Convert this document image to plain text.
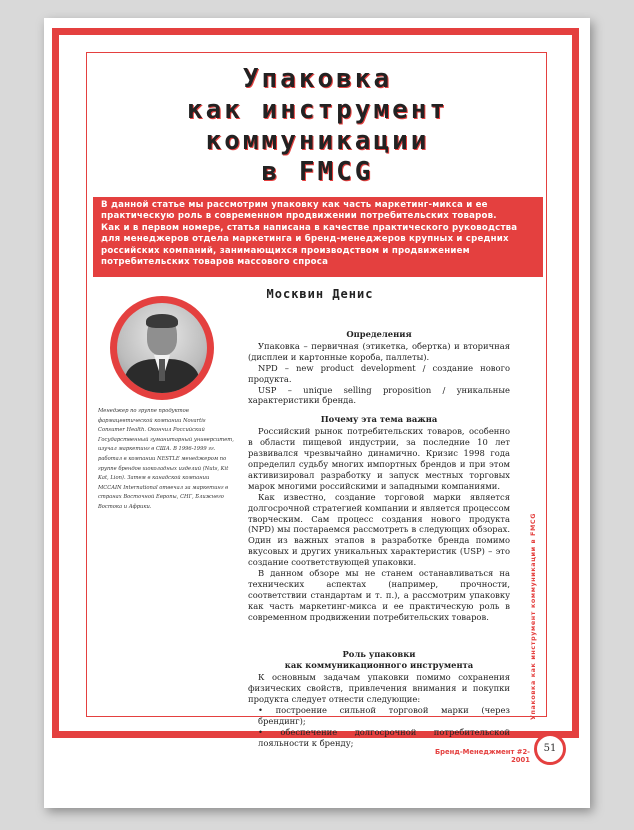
Упаковка
как инструмент
коммуникации
в FMCG

В данной статье мы рассмотрим упаковку как часть маркетинг-микса и ее практическую роль в современном продвижении потребительских товаров.

Как и в первом номере, статья написана в качестве практического руководства для менеджеров отдела маркетинга и бренд-менеджеров крупных и средних российских компаний, занимающихся производством и продвижением потребительских товаров массового спроса

Москвин Денис

Менеджер по группе продуктов фармацевтической компании Novartis Consumer Health. Окончил Российский Государственный гуманитарный университет, изучал маркетинг в США. В 1996-1999 гг. работал в компании NESTLE менеджером по группе брендов шоколадных изделий (Nuts, Kit Kat, Lion). Затем в канадской компании MCCAIN International отвечал за маркетинг в странах Восточной Европы, СНГ, Ближнего Востока и Африки.

Определения

Упаковка – первичная (этикетка, обертка) и вторичная (дисплеи и картонные короба, паллеты).

NPD – new product development / создание нового продукта.

USP – unique selling proposition / уникальные характеристики бренда.

Почему эта тема важна

Российский рынок потребительских товаров, особенно в области пищевой индустрии, за последние 10 лет развивался чрезвычайно динамично. Кризис 1998 года определил судьбу многих импортных брендов и при этом активизировал разработку и запуск местных торговых марок многими российскими и западными компаниями.

Как известно, создание торговой марки является долгосрочной стратегией компании и является процессом творческим. Сам процесс создания нового продукта (NPD) мы постараемся рассмотреть в следующих обзорах. Один из важных этапов в разработке бренда помимо вкусовых и других уникальных характеристик (USP) – это создание соответствующей упаковки.

В данном обзоре мы не станем останавливаться на технических аспектах (например, прочности, соответствии стандартам и т. п.), а рассмотрим упаковку как часть маркетинг-микса и ее практическую роль в современном продвижении потребительских товаров.

Роль упаковки
как коммуникационного инструмента

К основным задачам упаковки помимо сохранения физических свойств, привлечения внимания и покупки продукта следует отнести следующие:

• построение сильной торговой марки (через брендинг);

• обеспечение долгосрочной потребительской лояльности к бренду;

Упаковка как инструмент коммуникации в FMCG
Бренд-Менеджмент #2-2001
51
